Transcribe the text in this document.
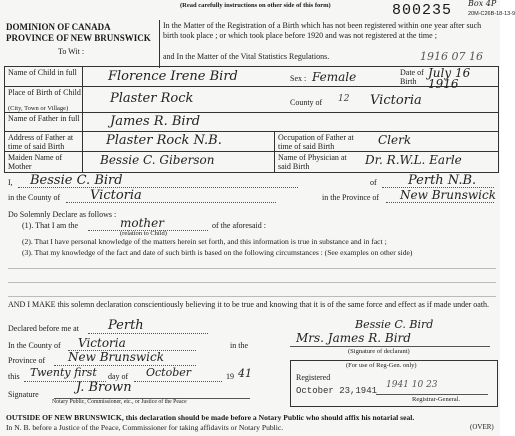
(Read carefully instructions on other side of this form)	800235 Box 4P
20M-C26B-18-13-9
DOMINION OF CANADA
PROVINCE OF NEW BRUNSWICK
To Wit :
In the Matter of the Registration of a Birth which has not been registered within one year after such birth took place ; or which took place before 1920 and was not registered at the time ;
and In the Matter of the Vital Statistics Regulations.	1916 07 16
Name of Child in full Florence Irene Bird	Sex : Female	Date of Birth
July 16 1916
Place of Birth of Child
(City, Town or Village)
Plaster Rock	County of 12 Victoria
Name of Father in full James R. Bird
Address of Father at time of said Birth	Plaster Rock N.B.	Occupation of Father at time of said Birth	Clerk
Maiden Name of Mother	Bessie C. Giberson	Name of Physician at said Birth	Dr. R.W.L. Earle
I, Bessie C. Bird	of Perth N.B.
in the County of Victoria	in the Province of New Brunswick
Do Solemnly Declare as follows :
(1). That I am the	mother
(relation to Child)
of the aforesaid :
(2). That I have personal knowledge of the matters herein set forth, and this information is true in substance and in fact ;
(3). That my knowledge of the fact and date of such birth is based on the following circumstances : (See examples on other side)
AND I MAKE this solemn declaration conscientiously believing it to be true and knowing that it is of the same force and effect as if made under oath.
Declared before me at Perth
In the County of Victoria	in the
Province of New Brunswick
this Twenty first day of October	19 41
Signature	J. Brown
Notary Public, Commissioner, etc., or Justice of the Peace
Bessie C. Bird
Mrs. James R. Bird
(Signature of declarant)
(For use of Reg-Gen. only)
Registered
October 23,1941
1941 10 23
Registrar-General.
OUTSIDE OF NEW BRUNSWICK, this declaration should be made before a Notary Public who should affix his notarial seal.
In N. B. before a Justice of the Peace, Commissioner for taking affidavits or Notary Public.	(OVER)
